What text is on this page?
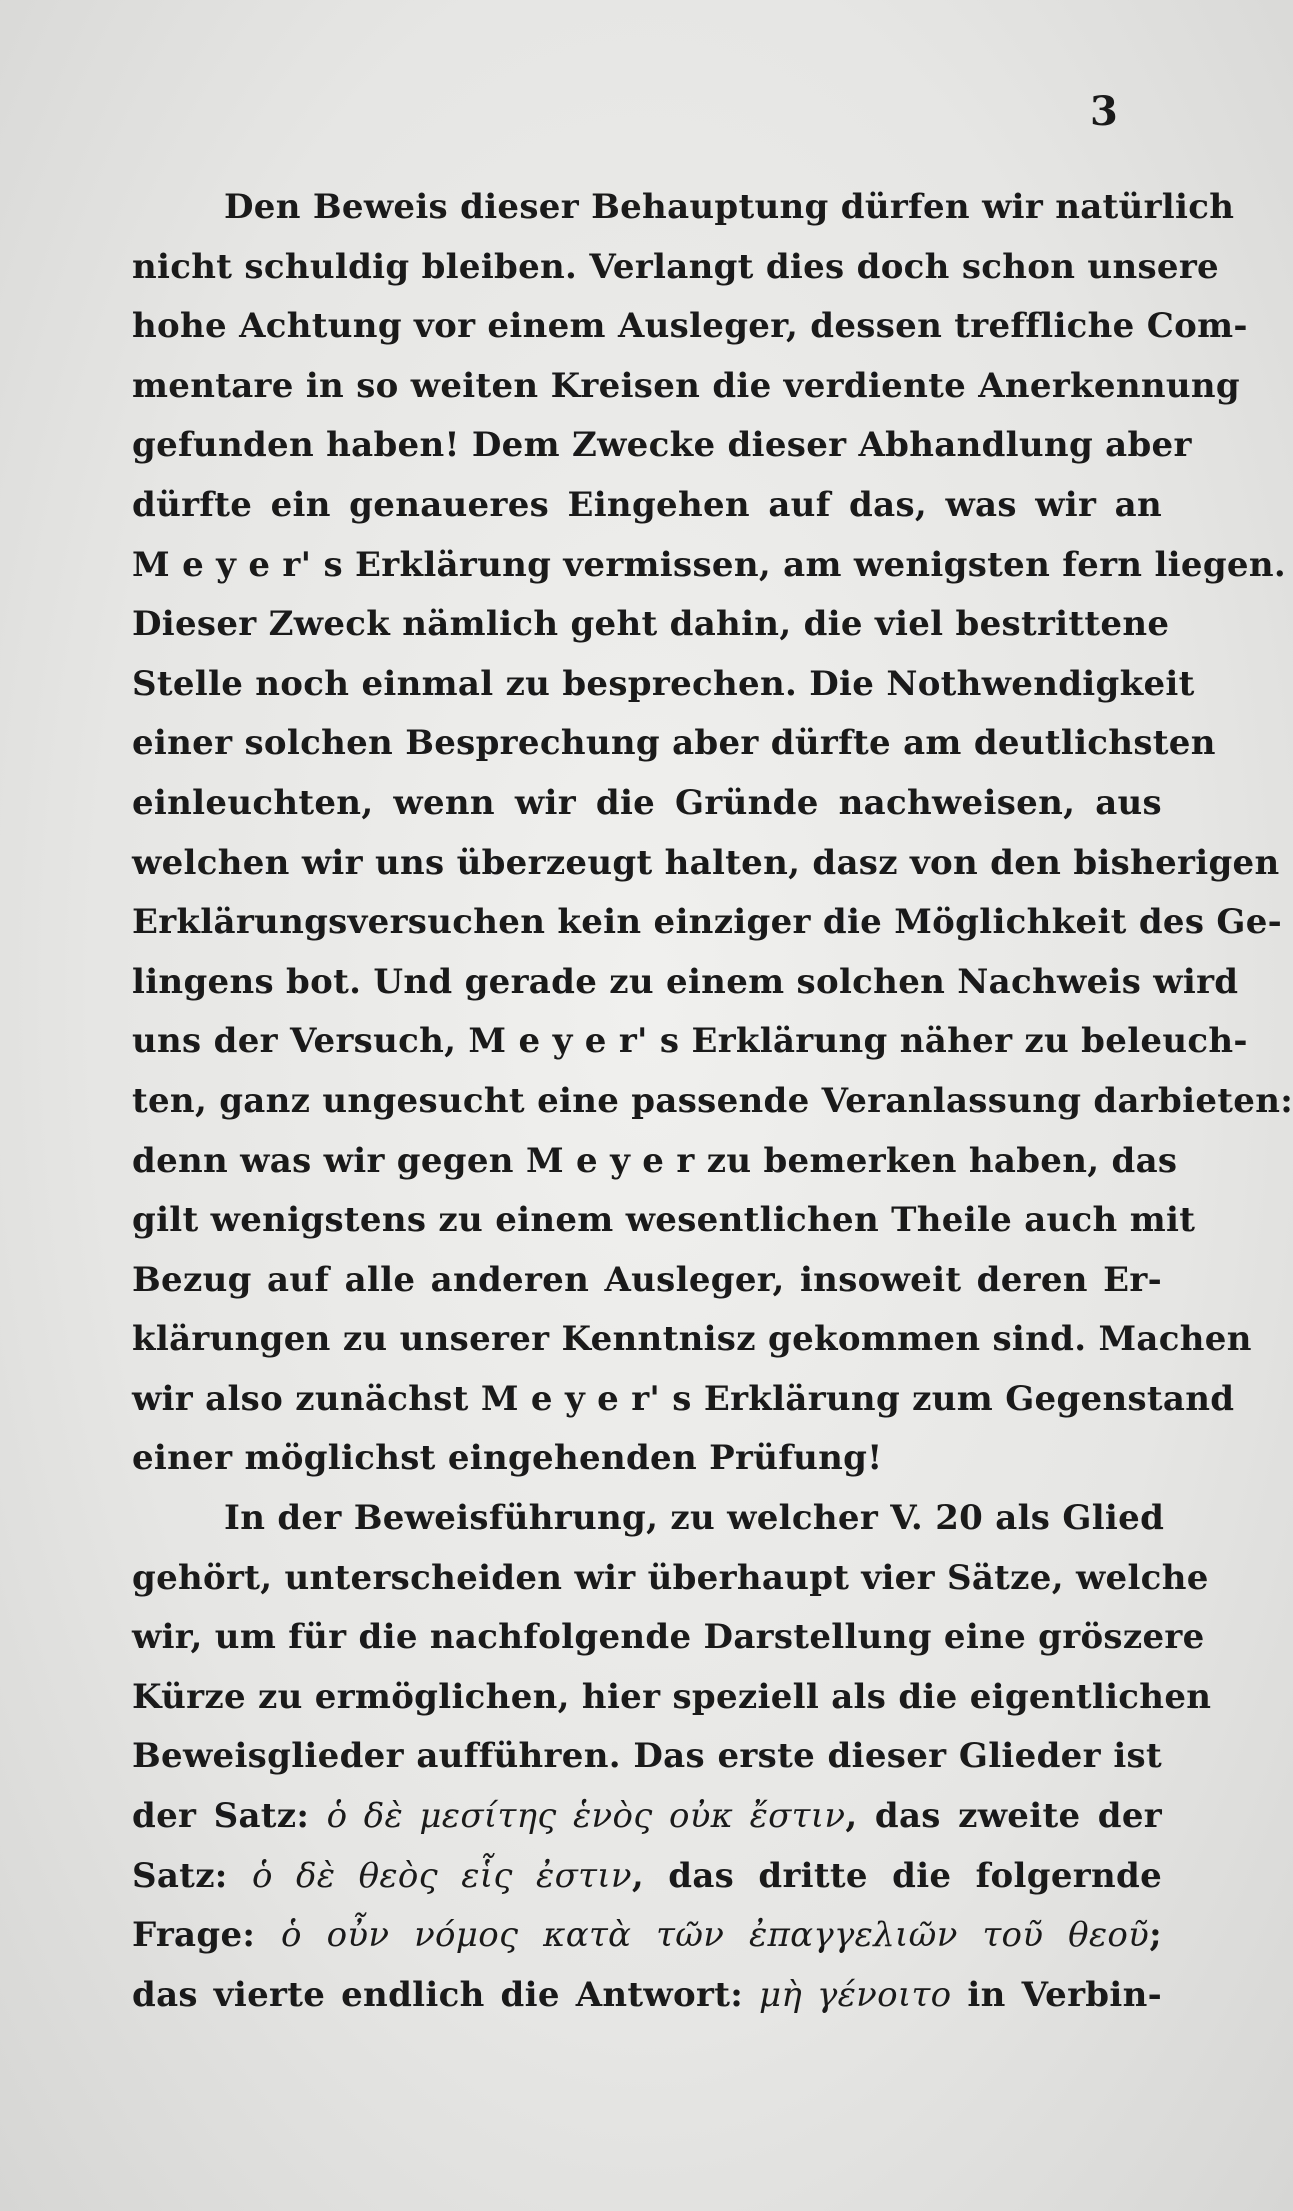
3
Den Beweis dieser Behauptung dürfen wir natürlich
nicht schuldig bleiben. Verlangt dies doch schon unsere
hohe Achtung vor einem Ausleger, dessen treffliche Com-
mentare in so weiten Kreisen die verdiente Anerkennung
gefunden haben! Dem Zwecke dieser Abhandlung aber
dürfte ein genaueres Eingehen auf das, was wir an
M e y e r' s Erklärung vermissen, am wenigsten fern liegen.
Dieser Zweck nämlich geht dahin, die viel bestrittene
Stelle noch einmal zu besprechen. Die Nothwendigkeit
einer solchen Besprechung aber dürfte am deutlichsten
einleuchten, wenn wir die Gründe nachweisen, aus
welchen wir uns überzeugt halten, dasz von den bisherigen
Erklärungsversuchen kein einziger die Möglichkeit des Ge-
lingens bot. Und gerade zu einem solchen Nachweis wird
uns der Versuch, M e y e r' s Erklärung näher zu beleuch-
ten, ganz ungesucht eine passende Veranlassung darbieten:
denn was wir gegen M e y e r zu bemerken haben, das
gilt wenigstens zu einem wesentlichen Theile auch mit
Bezug auf alle anderen Ausleger, insoweit deren Er-
klärungen zu unserer Kenntnisz gekommen sind. Machen
wir also zunächst M e y e r' s Erklärung zum Gegenstand
einer möglichst eingehenden Prüfung!
In der Beweisführung, zu welcher V. 20 als Glied
gehört, unterscheiden wir überhaupt vier Sätze, welche
wir, um für die nachfolgende Darstellung eine gröszere
Kürze zu ermöglichen, hier speziell als die eigentlichen
Beweisglieder aufführen. Das erste dieser Glieder ist
der Satz: ὁ δὲ μεσίτης ἑνὸς οὐκ ἔστιν, das zweite der
Satz: ὁ δὲ θεὸς εἷς ἐστιν, das dritte die folgernde
Frage: ὁ οὖν νόμος κατὰ τῶν ἐπαγγελιῶν τοῦ θεοῦ;
das vierte endlich die Antwort: μὴ γένοιτο in Verbin-
